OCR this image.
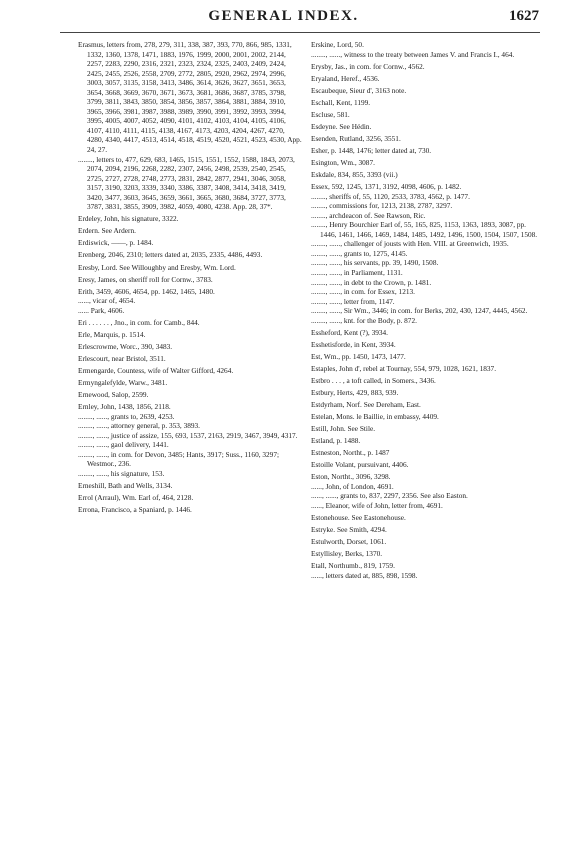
GENERAL INDEX.	1627

Erasmus, letters from, 278, 279, 311, 338, 387, 393, 770, 866, 985, 1331, 1332, 1360, 1378, 1471, 1883, 1976, 1999, 2000, 2001, 2002, 2144, 2257, 2283, 2290, 2316, 2321, 2323, 2324, 2325, 2403, 2409, 2424, 2425, 2455, 2526, 2558, 2709, 2772, 2805, 2920, 2962, 2974, 2996, 3003, 3057, 3135, 3158, 3413, 3486, 3614, 3626, 3627, 3651, 3653, 3654, 3668, 3669, 3670, 3671, 3673, 3681, 3686, 3687, 3785, 3798, 3799, 3811, 3843, 3850, 3854, 3856, 3857, 3864, 3881, 3884, 3910, 3965, 3966, 3981, 3987, 3988, 3989, 3990, 3991, 3992, 3993, 3994, 3995, 4005, 4007, 4052, 4090, 4101, 4102, 4103, 4104, 4105, 4106, 4107, 4110, 4111, 4115, 4138, 4167, 4173, 4203, 4204, 4267, 4270, 4280, 4340, 4417, 4513, 4514, 4518, 4519, 4520, 4521, 4523, 4530, App. 24, 27.

........, letters to, 477, 629, 683, 1465, 1515, 1551, 1552, 1588, 1843, 2073, 2074, 2094, 2196, 2268, 2282, 2307, 2456, 2498, 2539, 2540, 2545, 2725, 2727, 2728, 2748, 2773, 2831, 2842, 2877, 2941, 3046, 3058, 3157, 3190, 3203, 3339, 3340, 3386, 3387, 3408, 3414, 3418, 3419, 3420, 3477, 3603, 3645, 3659, 3661, 3665, 3680, 3684, 3727, 3773, 3787, 3831, 3855, 3909, 3982, 4059, 4080, 4238. App. 28, 37*.

Erdeley, John, his signature, 3322.

Erdern. See Ardern.

Erdiswick, ——, p. 1484.

Erenberg, 2046, 2310; letters dated at, 2035, 2335, 4486, 4493.

Eresby, Lord. See Willoughby and Eresby, Wm. Lord.

Eresy, James, on sheriff roll for Cornw., 3783.

Erith, 3459, 4606, 4654, pp. 1462, 1465, 1480.

......, vicar of, 4654.

...... Park, 4606.

Eri . . . . . . , Jno., in com. for Camb., 844.

Erle, Marquis, p. 1514.

Erlescrowme, Worc., 390, 3483.

Erlescourt, near Bristol, 3511.

Ermengarde, Countess, wife of Walter Gifford, 4264.

Ermyngalefylde, Warw., 3481.

Ernewood, Salop, 2599.

Ernley, John, 1438, 1856, 2118.

........, ......, grants to, 2639, 4253.

........, ......, attorney general, p. 353, 3893.

........, ......, justice of assize, 155, 693, 1537, 2163, 2919, 3467, 3949, 4317.

........, ......, gaol delivery, 1441.

........, ......, in com. for Devon, 3485; Hants, 3917; Suss., 1160, 3297; Westmor., 236.

........, ......, his signature, 153.

Erneshill, Bath and Wells, 3134.

Errol (Arraul), Wm. Earl of, 464, 2128.

Errona, Francisco, a Spaniard, p. 1446.

Erskine, Lord, 50.

........, ......, witness to the treaty between James V. and Francis I., 464.

Erysby, Jas., in com. for Cornw., 4562.

Eryaland, Heref., 4536.

Escaubeque, Sieur d', 3163 note.

Eschall, Kent, 1199.

Escluse, 581.

Esdeyne. See Hédin.

Esenden, Rutland, 3256, 3551.

Esher, p. 1448, 1476; letter dated at, 730.

Esington, Wm., 3087.

Eskdale, 834, 855, 3393 (vii.)

Essex, 592, 1245, 1371, 3192, 4098, 4606, p. 1482.

........, sheriffs of, 55, 1120, 2533, 3783, 4562, p. 1477.

........, commissions for, 1213, 2138, 2787, 3297.

........, archdeacon of. See Rawson, Ric.

........, Henry Bourchier Earl of, 55, 165, 825, 1153, 1363, 1893, 3087, pp. 1446, 1461, 1466, 1469, 1484, 1485, 1492, 1496, 1500, 1504, 1507, 1508.

........, ......, challenger of jousts with Hen. VIII. at Greenwich, 1935.

........, ......, grants to, 1275, 4145.

........, ......, his servants, pp. 39, 1490, 1508.

........, ......, in Parliament, 1131.

........, ......, in debt to the Crown, p. 1481.

........, ......, in com. for Essex, 1213.

........, ......, letter from, 1147.

........, ......, Sir Wm., 3446; in com. for Berks, 202, 430, 1247, 4445, 4562.

........, ......, knt. for the Body, p. 872.

Essheford, Kent (?), 3934.

Esshetisforde, in Kent, 3934.

Est, Wm., pp. 1450, 1473, 1477.

Estaples, John d', rebel at Tournay, 554, 979, 1028, 1621, 1837.

Estbro . . . , a toft called, in Somers., 3436.

Estbury, Herts, 429, 883, 939.

Estdyrham, Norf. See Dereham, East.

Estelan, Mons. le Baillie, in embassy, 4409.

Estill, John. See Stile.

Estland, p. 1488.

Estneston, Northt., p. 1487

Estoille Volant, pursuivant, 4406.

Eston, Northt., 3096, 3298.

......, John, of London, 4691.

......, ......, grants to, 837, 2297, 2356. See also Easton.

......, Eleanor, wife of John, letter from, 4691.

Estonehouse. See Eastonehouse.

Estryke. See Smith, 4294.

Estulworth, Dorset, 1061.

Estyllisley, Berks, 1370.

Etall, Northumb., 819, 1759.

......, letters dated at, 885, 898, 1598.
